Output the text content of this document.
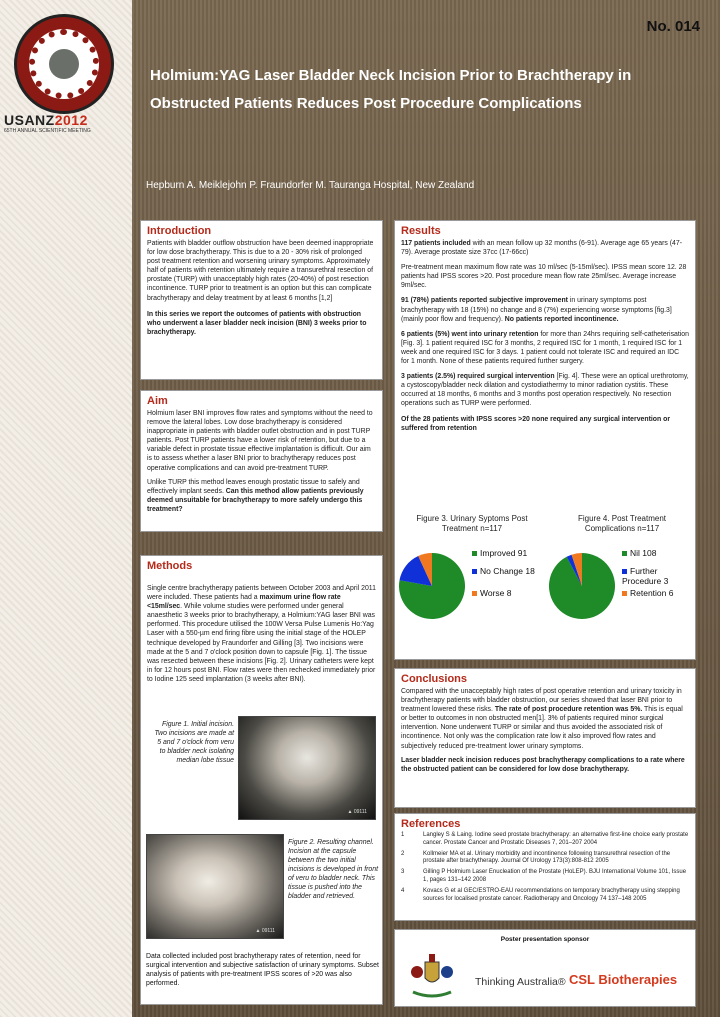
USANZ2012
65TH ANNUAL SCIENTIFIC MEETING
No. 014
Holmium:YAG Laser Bladder Neck Incision Prior to Brachtherapy in
Obstructed Patients Reduces Post Procedure Complications
Hepburn A. Meiklejohn P. Fraundorfer M. Tauranga Hospital, New Zealand
Introduction

Patients with bladder outflow obstruction have been deemed inappropriate for low dose brachytherapy. This is due to a 20 - 30% risk of prolonged post treatment retention and worsening urinary symptoms. Approximately half of patients with retention ultimately require a transurethral resection of prostate (TURP) with unacceptably high rates (20-40%) of post resection incontinence. TURP prior to treatment is an option but this can complicate brachytherapy and delay treatment by at least 6 months [1,2]

In this series we report the outcomes of patients with obstruction who underwent a laser bladder neck incision (BNI) 3 weeks prior to brachytherapy.

Aim

Holmium laser BNI improves flow rates and symptoms without the need to remove the lateral lobes. Low dose brachytherapy is considered inappropriate in patients with bladder outlet obstruction and in post TURP patients. Post TURP patients have a lower risk of retention, but due to a variable defect in prostate tissue effective implantation is difficult. Our aim is to assess whether a laser BNI prior to brachytherapy reduces post operative complications and can avoid pre-treatment TURP.

Unlike TURP this method leaves enough prostatic tissue to safely and effectively implant seeds. Can this method allow patients previously deemed unsuitable for brachytherapy to more safely undergo this treatment?

Methods

Single centre brachytherapy patients between October 2003 and April 2011 were included. These patients had a maximum urine flow rate <15ml/sec. While volume studies were performed under general anaesthetic 3 weeks prior to brachytherapy, a Holmium:YAG laser BNI was performed. This procedure utilised the 100W Versa Pulse Lumenis Ho:Yag Laser with a 550-µm end firing fibre using the initial stage of the HOLEP technique developed by Fraundorfer and Gilling [3]. Two incisions were made at the 5 and 7 o'clock position down to capsule [Fig. 1]. The tissue was resected between these incisions [Fig. 2]. Urinary catheters were kept in for 12 hours post BNI. Flow rates were then rechecked immediately prior to Iodine 125 seed implantation (3 weeks after BNI).

Figure 1. Initial incision. Two incisions are made at 5 and 7 o'clock from veru to bladder neck isolating median lobe tissue
▲ 09111
▲ 09111
Figure 2. Resulting channel. Incision at the capsule between the two initial incisions is developed in front of veru to bladder neck. This tissue is pushed into the bladder and retrieved.
Data collected included post brachytherapy rates of retention, need for surgical intervention and subjective satisfaction of urinary symptoms. Subset analysis of patients with pre-treatment IPSS scores of >20 was also performed.
Results

117 patients included with an mean follow up 32 months (6-91). Average age 65 years (47-79). Average prostate size 37cc (17-66cc)

Pre-treatment mean maximum flow rate was 10 ml/sec (5-15ml/sec). IPSS mean score 12. 28 patients had IPSS scores >20. Post procedure mean flow rate 25ml/sec. Average increase 9ml/sec.

91 (78%) patients reported subjective improvement in urinary symptoms post brachytherapy with 18 (15%) no change and 8 (7%) experiencing worse symptoms [fig.3] (mainly poor flow and frequency). No patients reported incontinence.

6 patients (5%) went into urinary retention for more than 24hrs requiring self-catheterisation [Fig. 3]. 1 patient required ISC for 3 months, 2 required ISC for 1 month, 1 required ISC for 1 week and one required ISC for 3 days. 1 patient could not tolerate ISC and required an IDC for 1 month. None of these patients required further surgery.

3 patients (2.5%) required surgical intervention [Fig. 4]. These were an optical urethrotomy, a cystoscopy/bladder neck dilation and cystodiathermy to minor radiation cystitis. These occurred at 18 months, 6 months and 3 months post operation respectively. No resection operations such as TURP were performed.

Of the 28 patients with IPSS scores >20 none required any surgical intervention or suffered from retention

Figure 3. Urinary Syptoms Post Treatment n=117
Figure 4. Post Treatment Complications n=117
Improved 91
No Change 18
Worse 8
Nil 108
Further Procedure 3
Retention 6
Conclusions

Compared with the unacceptably high rates of post operative retention and urinary toxicity in brachytherapy patients with bladder obstruction, our series showed that laser BNI prior to treatment lowered these risks. The rate of post procedure retention was 5%. This is equal or better to outcomes in non obstructed men[1]. 3% of patients required minor surgical intervention. None underwent TURP or similar and thus avoided the associated risk of incontinence. Not only was the complication rate low it also improved flow rates and subjectively reduced pre-treatment lower urinary symptoms.

Laser bladder neck incision reduces post brachytherapy complications to a rate where the obstructed patient can be considered for low dose brachytherapy.

References
1	Langley S & Laing. Iodine seed prostate brachytherapy: an alternative first-line choice early prostate cancer. Prostate Cancer and Prostatic Diseases 7, 201–207 2004
2	Kollmeier MA et al. Urinary morbidity and incontinence following transurethral resection of the prostate after brachytherapy. Journal Of Urology 173(3):808-812 2005
3	Gilling P Holmium Laser Enucleation of the Prostate (HoLEP). BJU International Volume 101, Issue 1, pages 131–142 2008
4	Kovacs G et al GEC/ESTRO-EAU recommendations on temporary brachytherapy using stepping sources for localised prostate cancer. Radiotherapy and Oncology 74 137–148 2005
Poster presentation sponsor
Thinking Australia® CSL Biotherapies
